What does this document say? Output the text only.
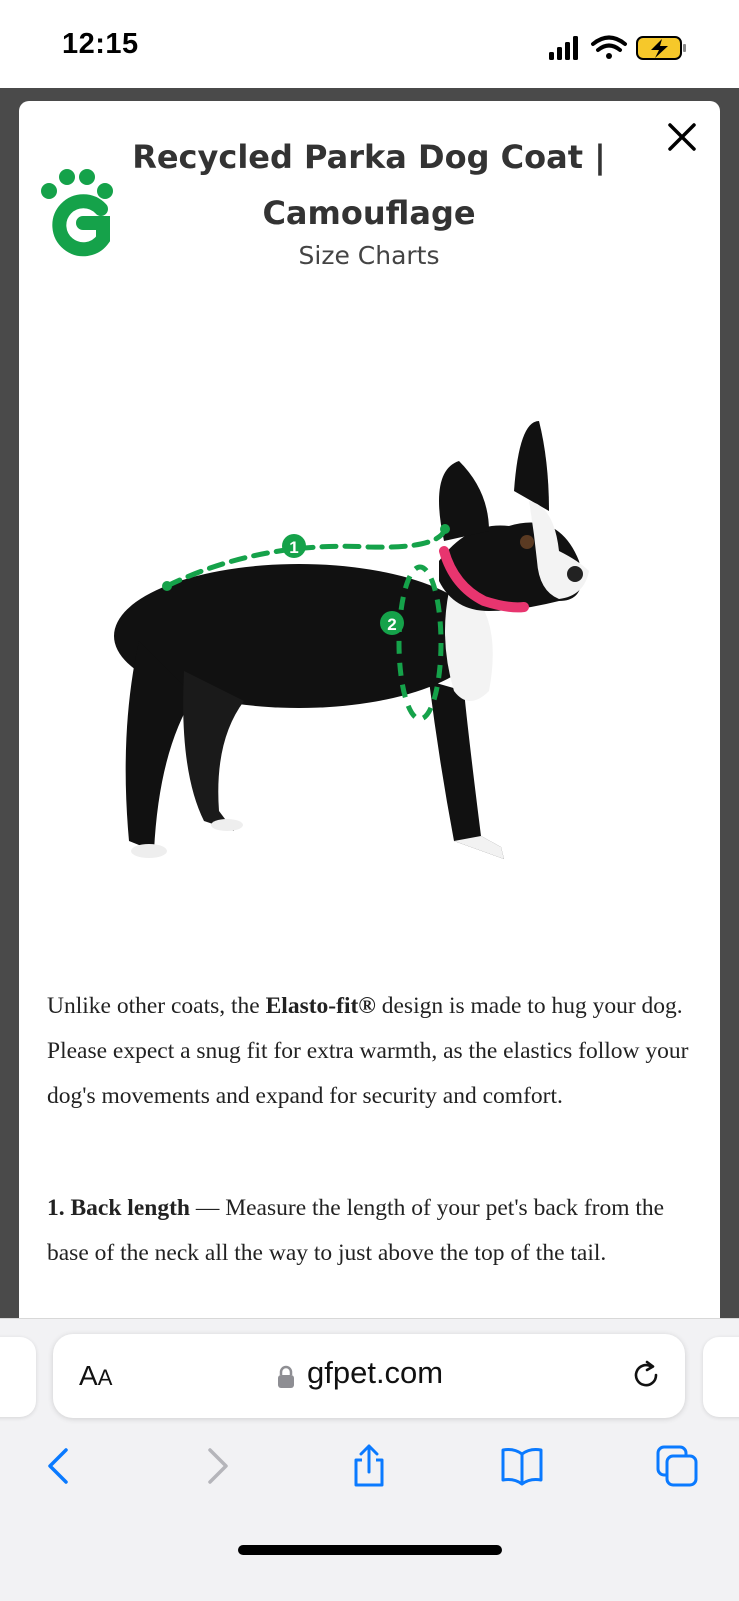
12:15
Recycled Parka Dog Coat | Camouflage
Size Charts
1
2

Unlike other coats, the Elasto-fit® design is made to hug your dog. Please expect a snug fit for extra warmth, as the elastics follow your dog's movements and expand for security and comfort.

1. Back length — Measure the length of your pet's back from the base of the neck all the way to just above the top of the tail.

AA	gfpet.com
